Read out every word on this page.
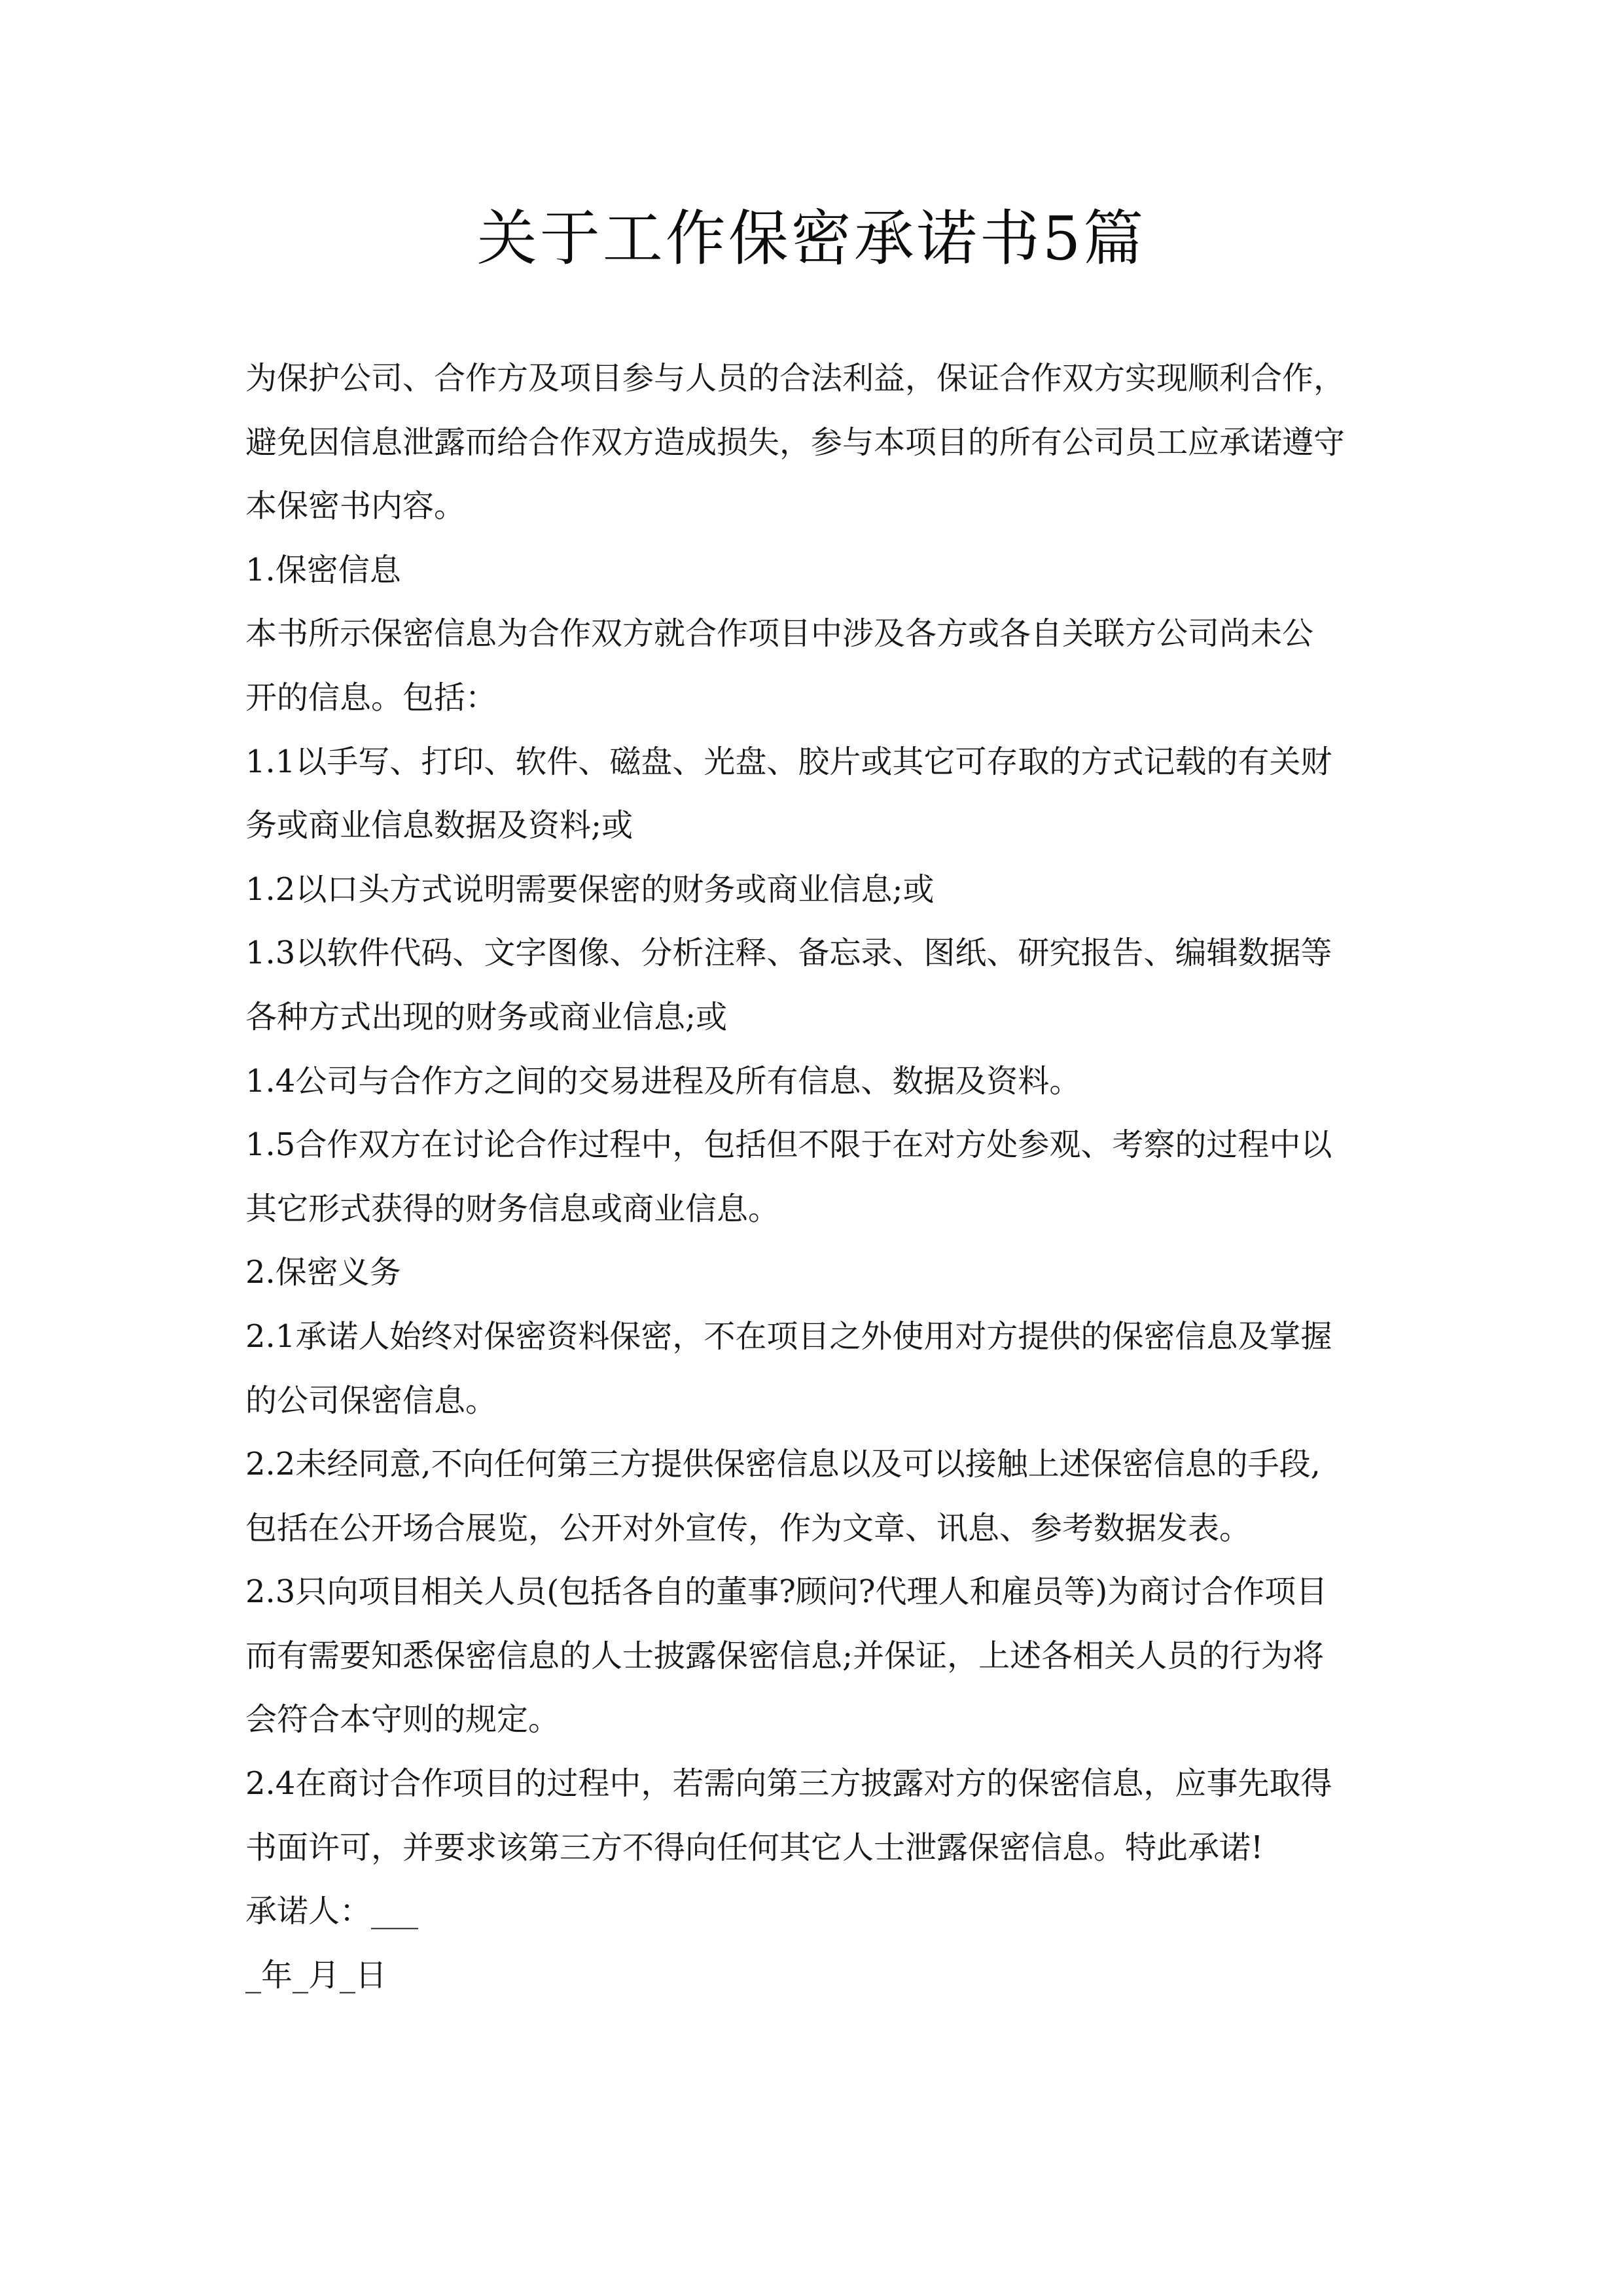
关于工作保密承诺书5篇

为保护公司、合作方及项目参与人员的合法利益，保证合作双方实现顺利合作，

避免因信息泄露而给合作双方造成损失，参与本项目的所有公司员工应承诺遵守

本保密书内容。

1.保密信息

本书所示保密信息为合作双方就合作项目中涉及各方或各自关联方公司尚未公

开的信息。包括：

1.1以手写、打印、软件、磁盘、光盘、胶片或其它可存取的方式记载的有关财

务或商业信息数据及资料;或

1.2以口头方式说明需要保密的财务或商业信息;或

1.3以软件代码、文字图像、分析注释、备忘录、图纸、研究报告、编辑数据等

各种方式出现的财务或商业信息;或

1.4公司与合作方之间的交易进程及所有信息、数据及资料。

1.5合作双方在讨论合作过程中，包括但不限于在对方处参观、考察的过程中以

其它形式获得的财务信息或商业信息。

2.保密义务

2.1承诺人始终对保密资料保密，不在项目之外使用对方提供的保密信息及掌握

的公司保密信息。

2.2未经同意,不向任何第三方提供保密信息以及可以接触上述保密信息的手段,

包括在公开场合展览，公开对外宣传，作为文章、讯息、参考数据发表。

2.3只向项目相关人员(包括各自的董事?顾问?代理人和雇员等)为商讨合作项目

而有需要知悉保密信息的人士披露保密信息;并保证，上述各相关人员的行为将

会符合本守则的规定。

2.4在商讨合作项目的过程中，若需向第三方披露对方的保密信息，应事先取得

书面许可，并要求该第三方不得向任何其它人士泄露保密信息。特此承诺!

承诺人：___

_年_月_日
